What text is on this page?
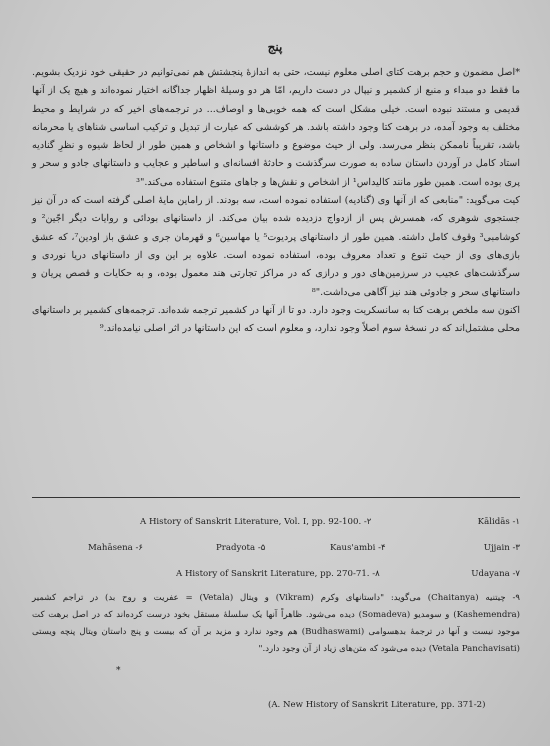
پنج

*اصل مضمون و حجم برهت کتای اصلی معلوم نیست، حتی به اندازهٔ پنجشتش هم نمی‌توانیم در حقیقی خود نزدیک بشویم. ما فقط دو مبداء و منبع از کشمیر و نیپال در دست داریم، امّا هر دو وسیلهٔ اظهار جداگانه اختیار نموده‌اند و هیچ یک از آنها قدیمی و مستند نبوده است. خیلی مشکل است که همه خوبی‌ها و اوصاف... در ترجمه‌های اخیر که در شرایط و محیط مختلف به وجود آمده، در برهت کتا وجود داشته باشد. هر کوششی که عبارت از تبدیل و ترکیب اساسی شناهای یا محرمانه باشد، تقریباً ناممکن بنظر می‌رسد. ولی از حیث موضوع و داستانها و اشخاص و همین طور از لحاظ شیوه و نظرِ گنادیه استاد کامل در آوردن داستان ساده به صورت سرگذشت و حادثهٔ افسانه‌ای و اساطیر و عجایب و داستانهای جادو و سحر و پری بوده است. همین طور مانند کالیداس¹ از اشخاص و نقش‌ها و جاهای متنوع استفاده می‌کند."³

کیت می‌گوید: "منابعی که از آنها وی (گنادیه) استفاده نموده است، سه بودند. از راماین مایهٔ اصلی گرفته است که در آن نیز جستجوی شوهری که، همسرش پس از ازدواج دزدیده شده بیان می‌کند. از داستانهای بودائی و روایات دیگر اجّین² و کوشامبی³ وقوف کامل داشته. همین طور از داستانهای پردیوت⁵ یا مهاسین⁶ و قهرمان جری و عشق باز اودین⁷، که عشق بازی‌های وی از حیث تنوع و تعداد معروف بوده، استفاده نموده است. علاوه بر این وی از داستانهای دریا نوردی و سرگذشت‌های عجیب در سرزمین‌های دور و درازی که در مراکز تجارتی هند معمول بوده، و به حکایات و قصص پریان و داستانهای سحر و جادوئی هند نیز آگاهی می‌داشت."⁸

اکنون سه ملخص برهت کتا به سانسکریت وجود دارد. دو تا از آنها در کشمیر ترجمه شده‌اند. ترجمه‌های کشمیر بر داستانهای محلی مشتمل‌اند که در نسخهٔ سوم اصلاً وجود ندارد، و معلوم است که این داستانها در اثر اصلی نیامده‌اند.⁹

Kālidās -۱
A History of Sanskrit Literature, Vol. I, pp. 92-100. -۲
Ujjain -۳
Kaus'ambi -۴
Pradyota -۵
Mahāsena -۶
Udayana -۷
A History of Sanskrit Literature, pp. 270-71. -۸
۹- چیتنیه (Chaitanya) می‌گوید: "داستانهای وکرم (Vikram) و ویتال (Vetala) = عفریت و روح بد) در تراجم کشمیر (Kashemendra) و سومدیو (Somadeva) دیده می‌شود. ظاهراً آنها یک سلسلهٔ مستقل بخود درست کرده‌اند که در اصل برهت کت موجود نیست و آنها در ترجمهٔ بدهسوامی (Budhaswami) هم وجود ندارد و مزید بر آن که بیست و پنج داستان ویتال پنچه ویستی (Vetala Panchavisati) دیده می‌شود که متن‌های زیاد از آن وجود دارد."
*
(A. New History of Sanskrit Literature, pp. 371-2)
